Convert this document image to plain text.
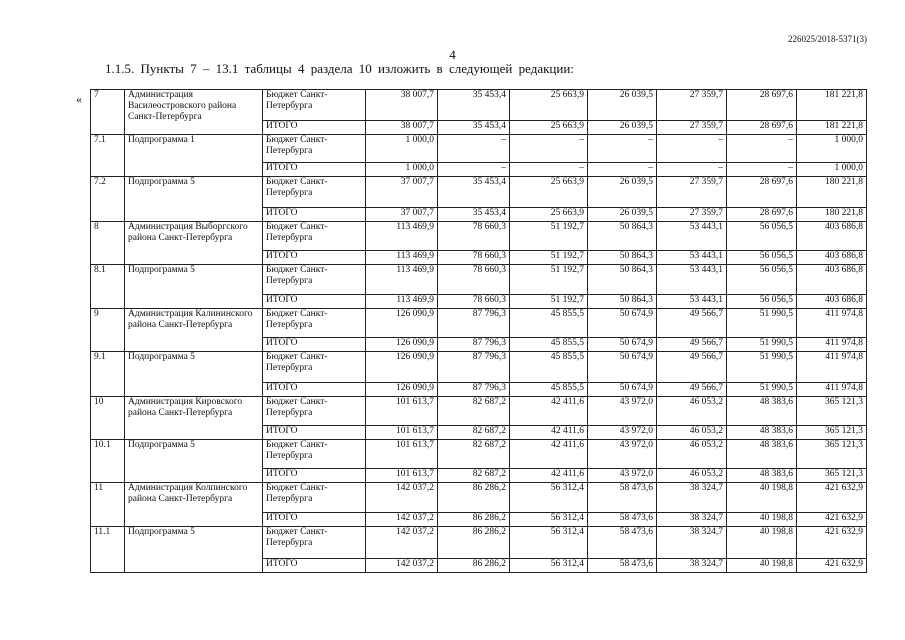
226025/2018-5371(3)
4
1.1.5. Пункты 7 – 13.1 таблицы 4 раздела 10 изложить в следующей редакции:
« 7	Администрация Василеостровского района Санкт-Петербурга	Бюджет Санкт-Петербурга	38 007,7	35 453,4	25 663,9	26 039,5	27 359,7	28 697,6	181 221,8
		ИТОГО	38 007,7	35 453,4	25 663,9	26 039,5	27 359,7	28 697,6	181 221,8
7.1	Подпрограмма 1	Бюджет Санкт-Петербурга	1 000,0	–	–	–	–	–	1 000,0
		ИТОГО	1 000,0	–	–	–	–	–	1 000,0
7.2	Подпрограмма 5	Бюджет Санкт-Петербурга	37 007,7	35 453,4	25 663,9	26 039,5	27 359,7	28 697,6	180 221,8
		ИТОГО	37 007,7	35 453,4	25 663,9	26 039,5	27 359,7	28 697,6	180 221,8
8	Администрация Выборгского района Санкт-Петербурга	Бюджет Санкт-Петербурга	113 469,9	78 660,3	51 192,7	50 864,3	53 443,1	56 056,5	403 686,8
		ИТОГО	113 469,9	78 660,3	51 192,7	50 864,3	53 443,1	56 056,5	403 686,8
8.1	Подпрограмма 5	Бюджет Санкт-Петербурга	113 469,9	78 660,3	51 192,7	50 864,3	53 443,1	56 056,5	403 686,8
		ИТОГО	113 469,9	78 660,3	51 192,7	50 864,3	53 443,1	56 056,5	403 686,8
9	Администрация Калининского района Санкт-Петербурга	Бюджет Санкт-Петербурга	126 090,9	87 796,3	45 855,5	50 674,9	49 566,7	51 990,5	411 974,8
		ИТОГО	126 090,9	87 796,3	45 855,5	50 674,9	49 566,7	51 990,5	411 974,8
9.1	Подпрограмма 5	Бюджет Санкт-Петербурга	126 090,9	87 796,3	45 855,5	50 674,9	49 566,7	51 990,5	411 974,8
		ИТОГО	126 090,9	87 796,3	45 855,5	50 674,9	49 566,7	51 990,5	411 974,8
10	Администрация Кировского района Санкт-Петербурга	Бюджет Санкт-Петербурга	101 613,7	82 687,2	42 411,6	43 972,0	46 053,2	48 383,6	365 121,3
		ИТОГО	101 613,7	82 687,2	42 411,6	43 972,0	46 053,2	48 383,6	365 121,3
10.1	Подпрограмма 5	Бюджет Санкт-Петербурга	101 613,7	82 687,2	42 411,6	43 972,0	46 053,2	48 383,6	365 121,3
		ИТОГО	101 613,7	82 687,2	42 411,6	43 972,0	46 053,2	48 383,6	365 121,3
11	Администрация Колпинского района Санкт-Петербурга	Бюджет Санкт-Петербурга	142 037,2	86 286,2	56 312,4	58 473,6	38 324,7	40 198,8	421 632,9
		ИТОГО	142 037,2	86 286,2	56 312,4	58 473,6	38 324,7	40 198,8	421 632,9
11.1	Подпрограмма 5	Бюджет Санкт-Петербурга	142 037,2	86 286,2	56 312,4	58 473,6	38 324,7	40 198,8	421 632,9
		ИТОГО	142 037,2	86 286,2	56 312,4	58 473,6	38 324,7	40 198,8	421 632,9
